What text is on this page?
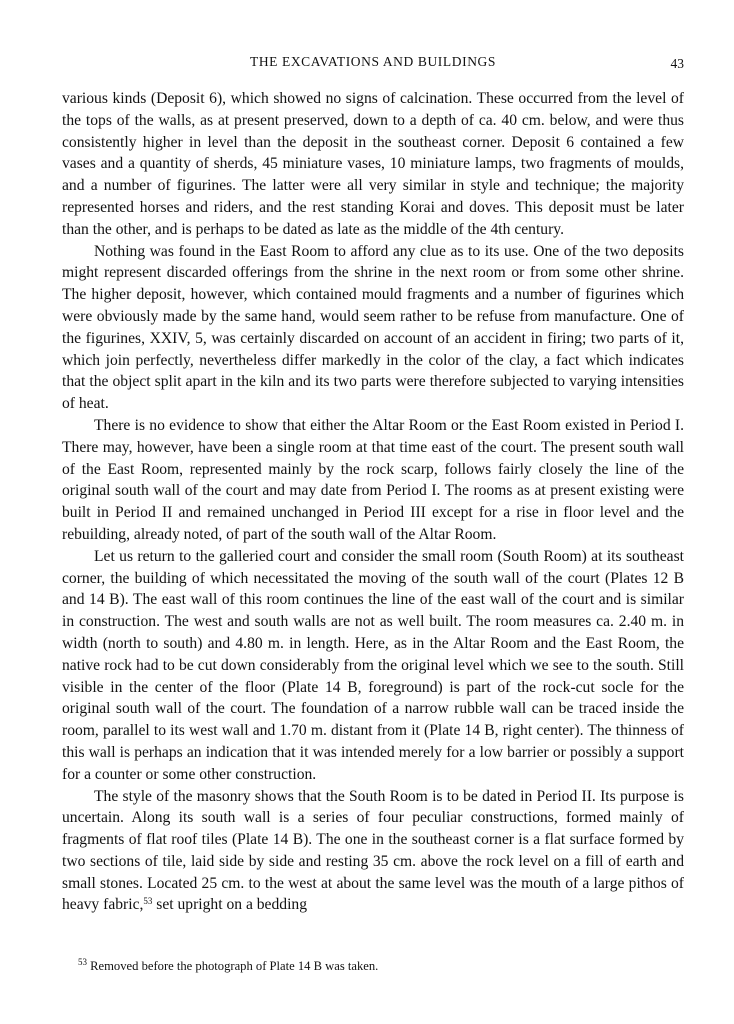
THE EXCAVATIONS AND BUILDINGS	43

various kinds (Deposit 6), which showed no signs of calcination. These occurred from the level of the tops of the walls, as at present preserved, down to a depth of ca. 40 cm. below, and were thus consistently higher in level than the deposit in the southeast corner. Deposit 6 contained a few vases and a quantity of sherds, 45 miniature vases, 10 miniature lamps, two fragments of moulds, and a number of figurines. The latter were all very similar in style and technique; the majority represented horses and riders, and the rest standing Korai and doves. This deposit must be later than the other, and is perhaps to be dated as late as the middle of the 4th century.

Nothing was found in the East Room to afford any clue as to its use. One of the two deposits might represent discarded offerings from the shrine in the next room or from some other shrine. The higher deposit, however, which contained mould fragments and a number of figurines which were obviously made by the same hand, would seem rather to be refuse from manufacture. One of the figurines, XXIV, 5, was certainly discarded on account of an accident in firing; two parts of it, which join perfectly, nevertheless differ markedly in the color of the clay, a fact which indicates that the object split apart in the kiln and its two parts were therefore subjected to varying intensities of heat.

There is no evidence to show that either the Altar Room or the East Room existed in Period I. There may, however, have been a single room at that time east of the court. The present south wall of the East Room, represented mainly by the rock scarp, follows fairly closely the line of the original south wall of the court and may date from Period I. The rooms as at present existing were built in Period II and remained unchanged in Period III except for a rise in floor level and the rebuilding, already noted, of part of the south wall of the Altar Room.

Let us return to the galleried court and consider the small room (South Room) at its southeast corner, the building of which necessitated the moving of the south wall of the court (Plates 12 B and 14 B). The east wall of this room continues the line of the east wall of the court and is similar in construction. The west and south walls are not as well built. The room measures ca. 2.40 m. in width (north to south) and 4.80 m. in length. Here, as in the Altar Room and the East Room, the native rock had to be cut down considerably from the original level which we see to the south. Still visible in the center of the floor (Plate 14 B, foreground) is part of the rock-cut socle for the original south wall of the court. The foundation of a narrow rubble wall can be traced inside the room, parallel to its west wall and 1.70 m. distant from it (Plate 14 B, right center). The thinness of this wall is perhaps an indication that it was intended merely for a low barrier or possibly a support for a counter or some other construction.

The style of the masonry shows that the South Room is to be dated in Period II. Its purpose is uncertain. Along its south wall is a series of four peculiar constructions, formed mainly of fragments of flat roof tiles (Plate 14 B). The one in the southeast corner is a flat surface formed by two sections of tile, laid side by side and resting 35 cm. above the rock level on a fill of earth and small stones. Located 25 cm. to the west at about the same level was the mouth of a large pithos of heavy fabric,$^{53}$ set upright on a bedding

$^{53}$ Removed before the photograph of Plate 14 B was taken.
